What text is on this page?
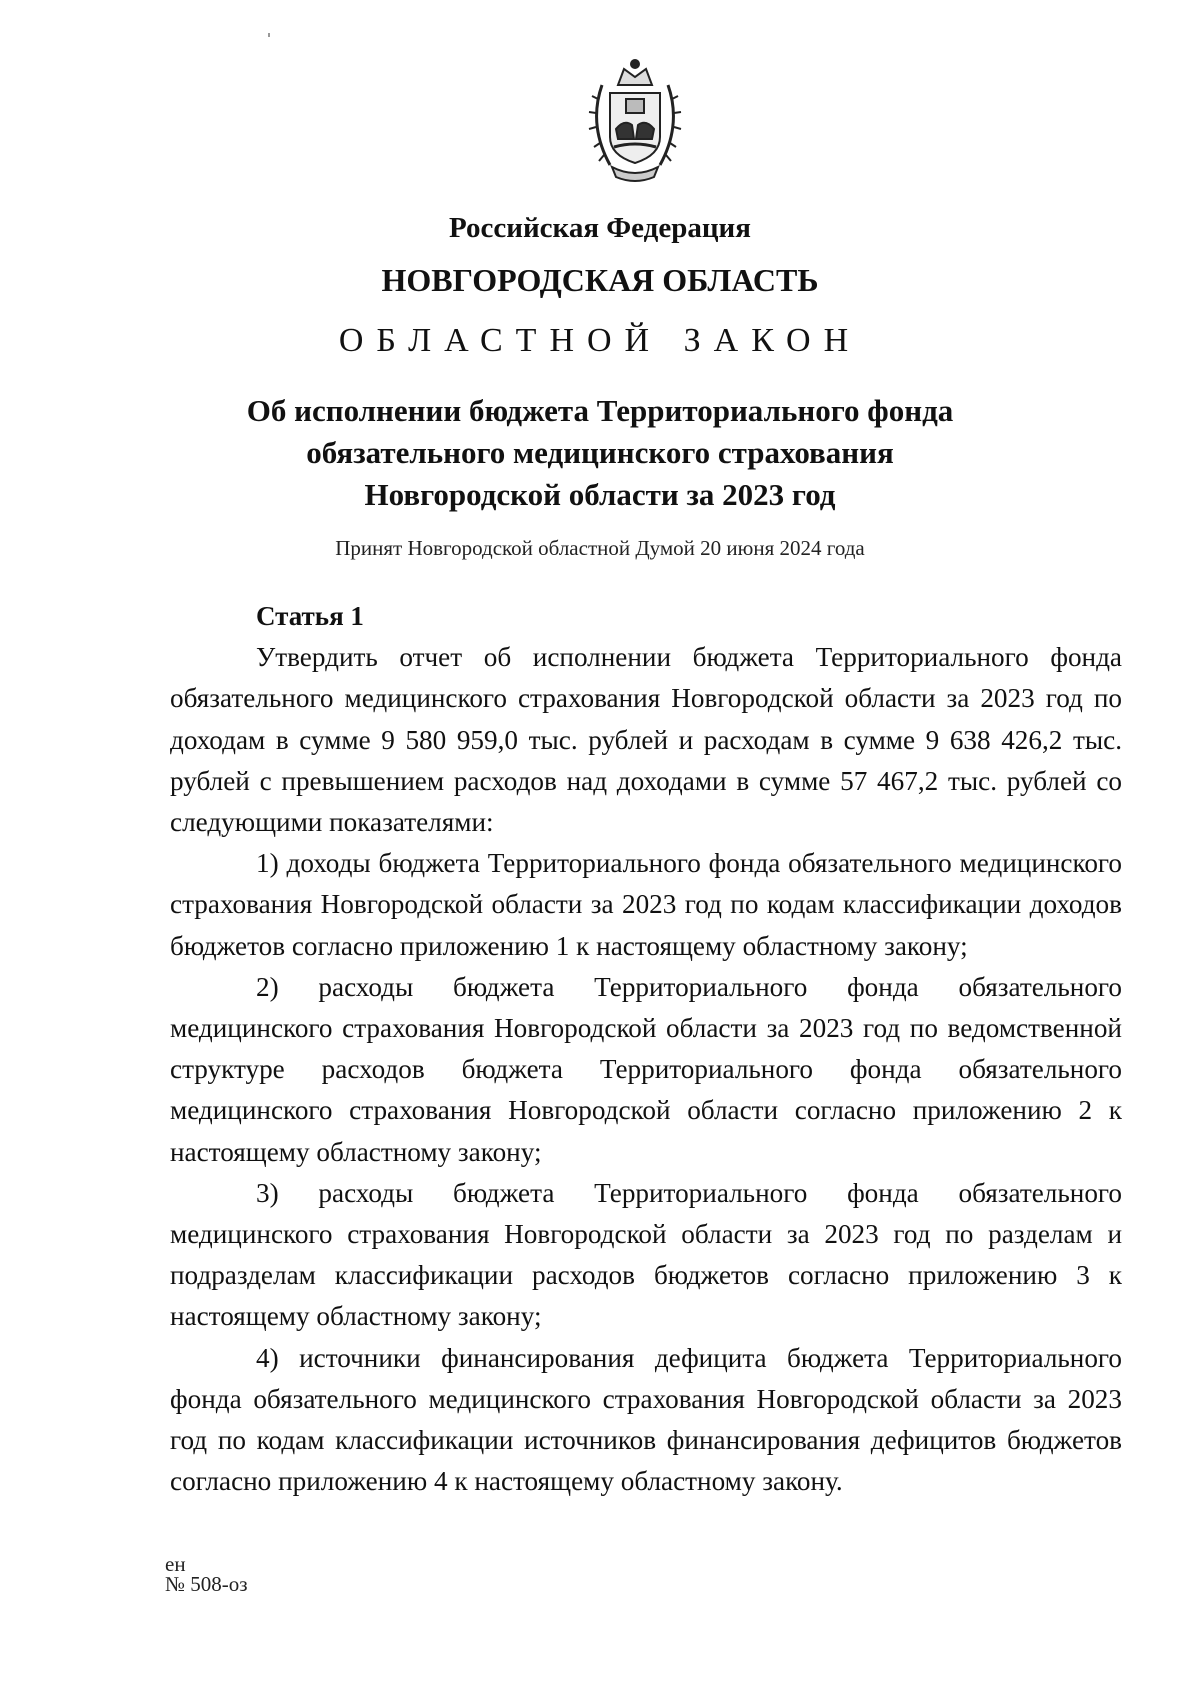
Российская Федерация

НОВГОРОДСКАЯ ОБЛАСТЬ

ОБЛАСТНОЙ ЗАКОН

Об исполнении бюджета Территориального фонда
обязательного медицинского страхования
Новгородской области за 2023 год

Принят Новгородской областной Думой 20 июня 2024 года

Статья 1

Утвердить отчет об исполнении бюджета Территориального фонда обязательного медицинского страхования Новгородской области за 2023 год по доходам в сумме 9 580 959,0 тыс. рублей и расходам в сумме 9 638 426,2 тыс. рублей с превышением расходов над доходами в сумме 57 467,2 тыс. рублей со следующими показателями:

1) доходы бюджета Территориального фонда обязательного медицинского страхования Новгородской области за 2023 год по кодам классификации доходов бюджетов согласно приложению 1 к настоящему областному закону;

2) расходы бюджета Территориального фонда обязательного медицинского страхования Новгородской области за 2023 год по ведомственной структуре расходов бюджета Территориального фонда обязательного медицинского страхования Новгородской области согласно приложению 2 к настоящему областному закону;

3) расходы бюджета Территориального фонда обязательного медицинского страхования Новгородской области за 2023 год по разделам и подразделам классификации расходов бюджетов согласно приложению 3 к настоящему областному закону;

4) источники финансирования дефицита бюджета Территориального фонда обязательного медицинского страхования Новгородской области за 2023 год по кодам классификации источников финансирования дефицитов бюджетов согласно приложению 4 к настоящему областному закону.

ен
№ 508-оз
